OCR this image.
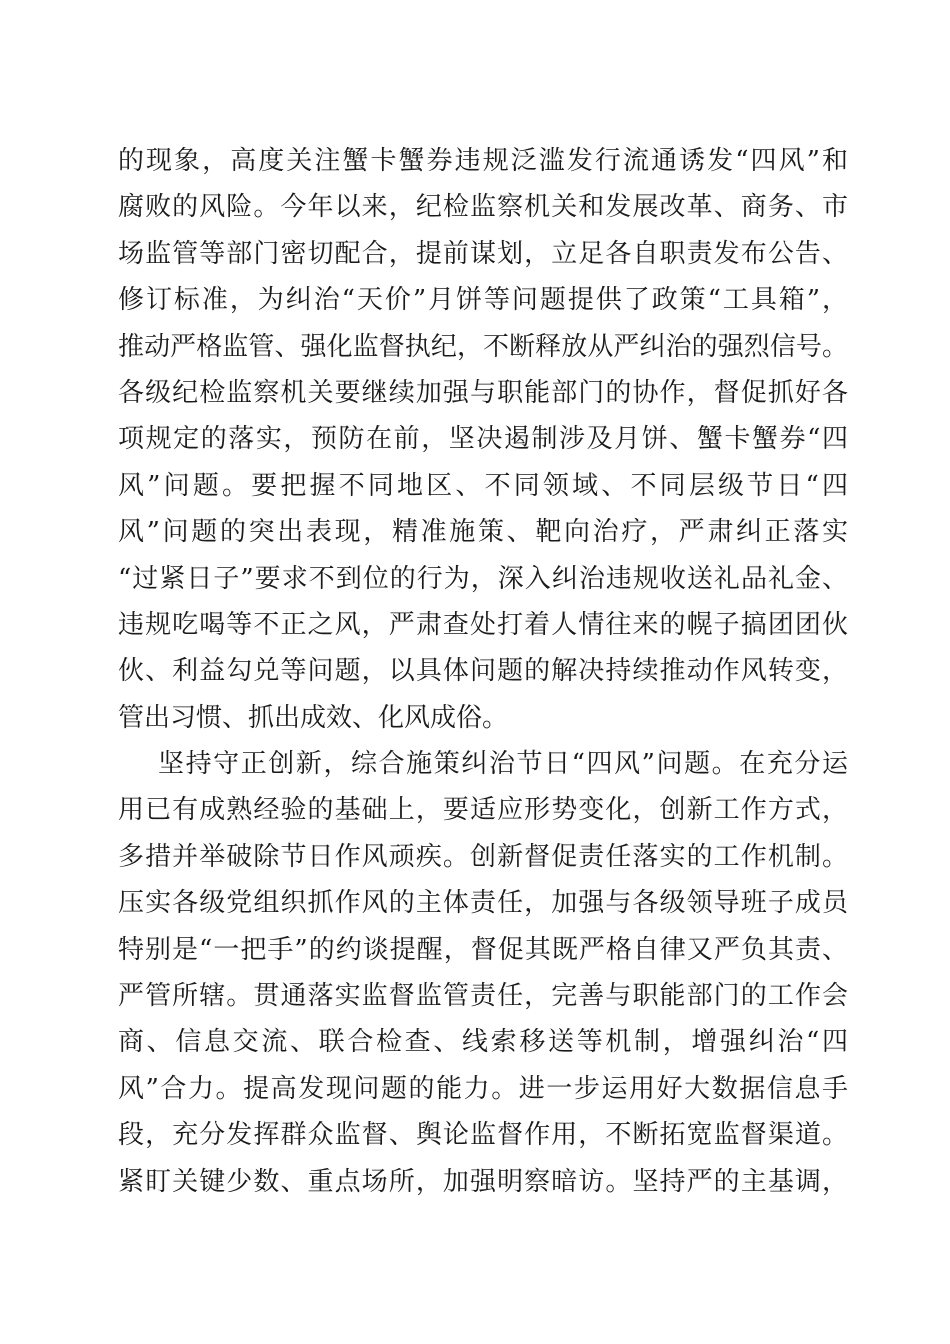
的现象，高度关注蟹卡蟹券违规泛滥发行流通诱发“四风”和
腐败的风险。今年以来，纪检监察机关和发展改革、商务、市
场监管等部门密切配合，提前谋划，立足各自职责发布公告、
修订标准，为纠治“天价”月饼等问题提供了政策“工具箱”，
推动严格监管、强化监督执纪，不断释放从严纠治的强烈信号。
各级纪检监察机关要继续加强与职能部门的协作，督促抓好各
项规定的落实，预防在前，坚决遏制涉及月饼、蟹卡蟹券“四
风”问题。要把握不同地区、不同领域、不同层级节日“四
风”问题的突出表现，精准施策、靶向治疗，严肃纠正落实
“过紧日子”要求不到位的行为，深入纠治违规收送礼品礼金、
违规吃喝等不正之风，严肃查处打着人情往来的幌子搞团团伙
伙、利益勾兑等问题，以具体问题的解决持续推动作风转变，
管出习惯、抓出成效、化风成俗。
坚持守正创新，综合施策纠治节日“四风”问题。在充分运
用已有成熟经验的基础上，要适应形势变化，创新工作方式，
多措并举破除节日作风顽疾。创新督促责任落实的工作机制。
压实各级党组织抓作风的主体责任，加强与各级领导班子成员
特别是“一把手”的约谈提醒，督促其既严格自律又严负其责、
严管所辖。贯通落实监督监管责任，完善与职能部门的工作会
商、信息交流、联合检查、线索移送等机制，增强纠治“四
风”合力。提高发现问题的能力。进一步运用好大数据信息手
段，充分发挥群众监督、舆论监督作用，不断拓宽监督渠道。
紧盯关键少数、重点场所，加强明察暗访。坚持严的主基调，
